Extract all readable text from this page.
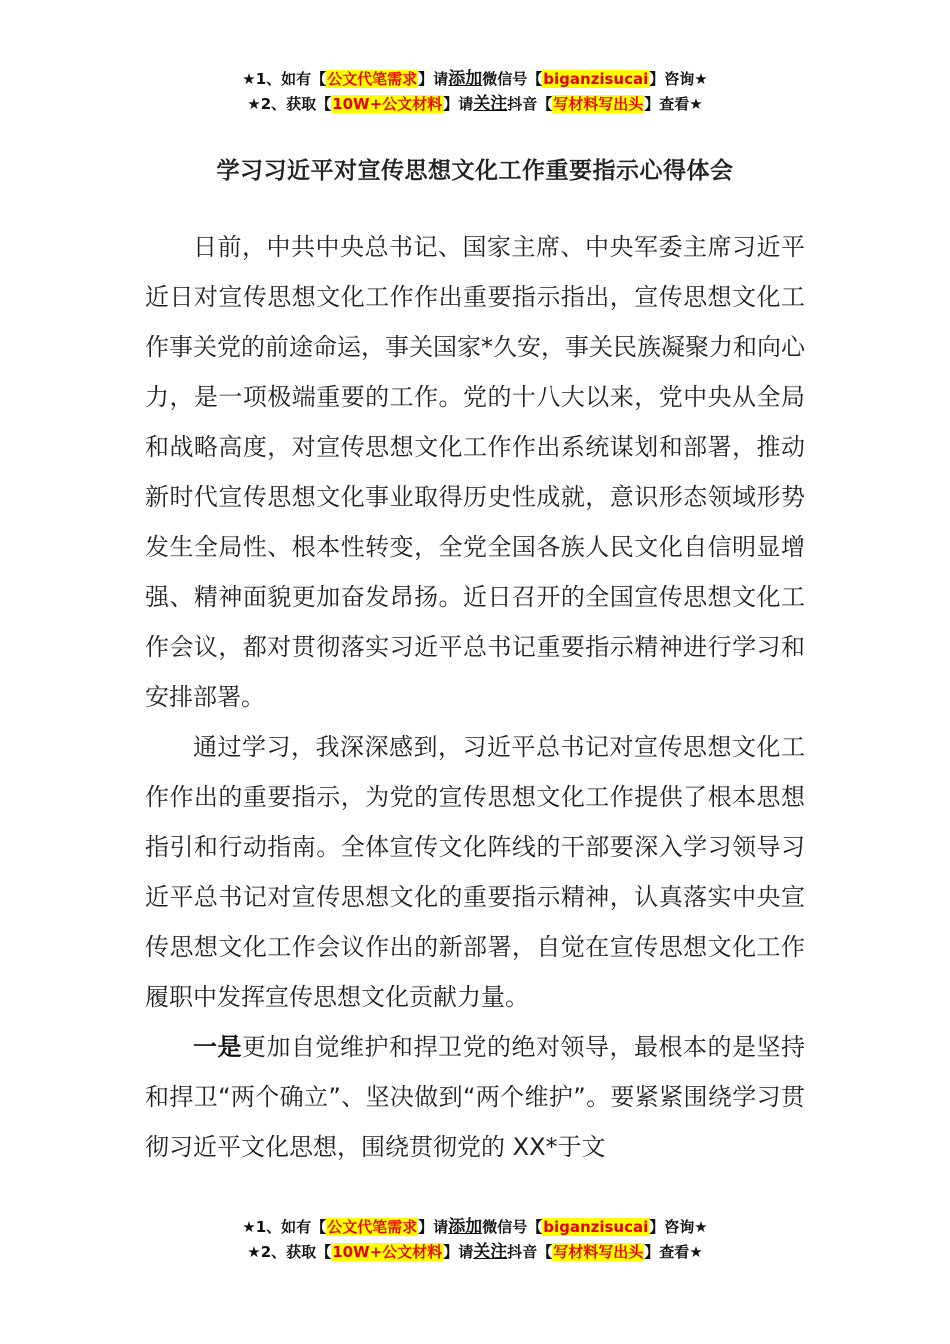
★1、如有【公文代笔需求】请添加微信号【biganzisucai】咨询★
★2、获取【10W+公文材料】请关注抖音【写材料写出头】查看★
学习习近平对宣传思想文化工作重要指示心得体会

日前，中共中央总书记、国家主席、中央军委主席习近平近日对宣传思想文化工作作出重要指示指出，宣传思想文化工作事关党的前途命运，事关国家*久安，事关民族凝聚力和向心力，是一项极端重要的工作。党的十八大以来，党中央从全局和战略高度，对宣传思想文化工作作出系统谋划和部署，推动新时代宣传思想文化事业取得历史性成就，意识形态领域形势发生全局性、根本性转变，全党全国各族人民文化自信明显增强、精神面貌更加奋发昂扬。近日召开的全国宣传思想文化工作会议，都对贯彻落实习近平总书记重要指示精神进行学习和安排部署。

通过学习，我深深感到，习近平总书记对宣传思想文化工作作出的重要指示，为党的宣传思想文化工作提供了根本思想指引和行动指南。全体宣传文化阵线的干部要深入学习领导习近平总书记对宣传思想文化的重要指示精神，认真落实中央宣传思想文化工作会议作出的新部署，自觉在宣传思想文化工作履职中发挥宣传思想文化贡献力量。

一是更加自觉维护和捍卫党的绝对领导，最根本的是坚持和捍卫“两个确立”、坚决做到“两个维护”。要紧紧围绕学习贯彻习近平文化思想，围绕贯彻党的 XX*于文

★1、如有【公文代笔需求】请添加微信号【biganzisucai】咨询★
★2、获取【10W+公文材料】请关注抖音【写材料写出头】查看★
